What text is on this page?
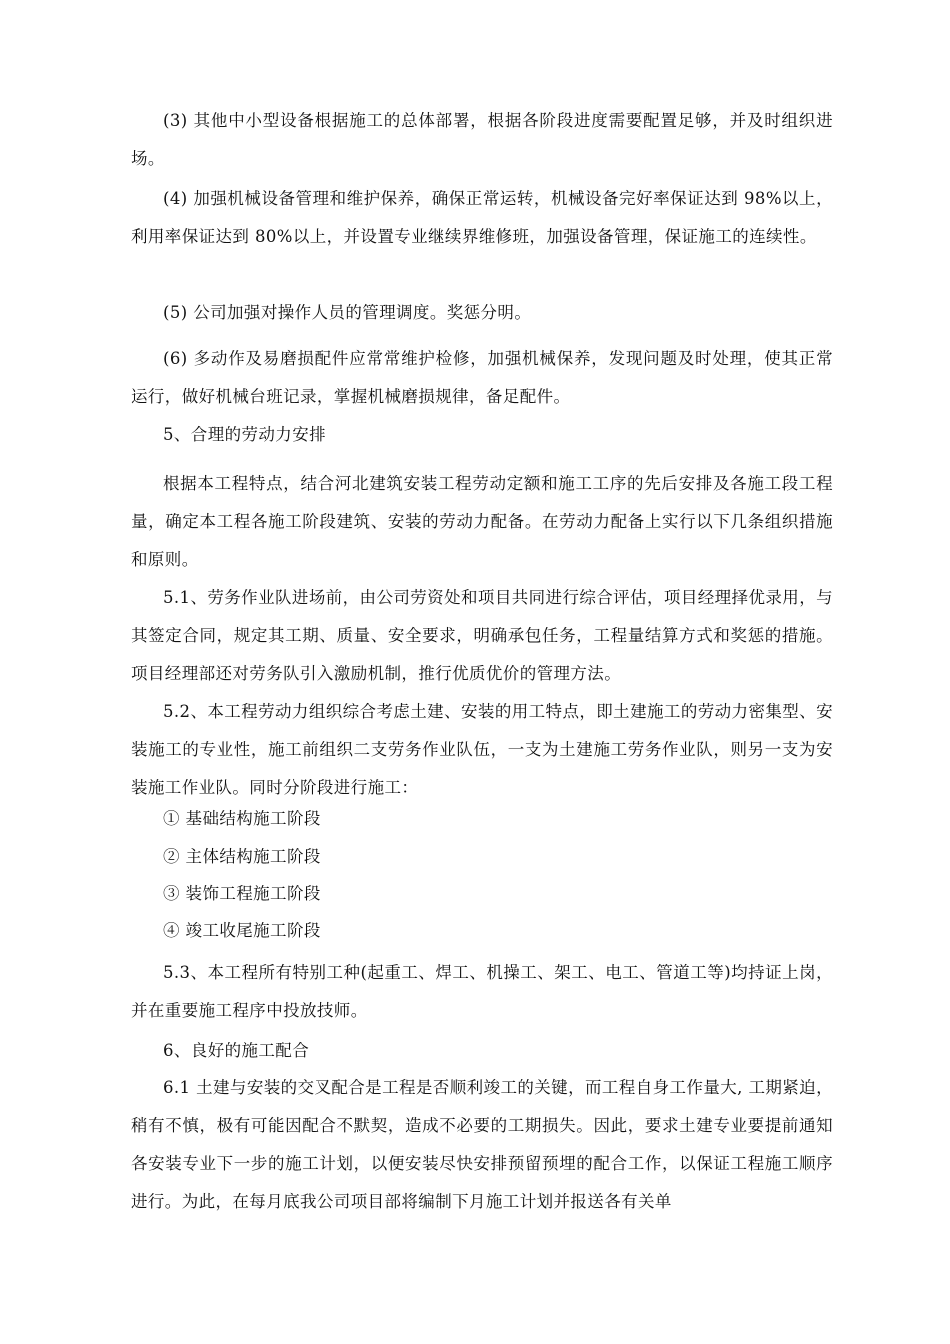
(3) 其他中小型设备根据施工的总体部署，根据各阶段进度需要配置足够，并及时组织进场。

(4) 加强机械设备管理和维护保养，确保正常运转，机械设备完好率保证达到 98%以上，利用率保证达到 80%以上，并设置专业继续界维修班，加强设备管理，保证施工的连续性。

(5) 公司加强对操作人员的管理调度。奖惩分明。

(6) 多动作及易磨损配件应常常维护检修，加强机械保养，发现问题及时处理，使其正常运行，做好机械台班记录，掌握机械磨损规律，备足配件。

5、合理的劳动力安排

根据本工程特点，结合河北建筑安装工程劳动定额和施工工序的先后安排及各施工段工程量，确定本工程各施工阶段建筑、安装的劳动力配备。在劳动力配备上实行以下几条组织措施和原则。

5.1、劳务作业队进场前，由公司劳资处和项目共同进行综合评估，项目经理择优录用，与其签定合同，规定其工期、质量、安全要求，明确承包任务，工程量结算方式和奖惩的措施。项目经理部还对劳务队引入激励机制，推行优质优价的管理方法。

5.2、本工程劳动力组织综合考虑土建、安装的用工特点，即土建施工的劳动力密集型、安装施工的专业性，施工前组织二支劳务作业队伍，一支为土建施工劳务作业队，则另一支为安装施工作业队。同时分阶段进行施工：

① 基础结构施工阶段

② 主体结构施工阶段

③ 装饰工程施工阶段

④ 竣工收尾施工阶段

5.3、本工程所有特别工种(起重工、焊工、机操工、架工、电工、管道工等)均持证上岗，并在重要施工程序中投放技师。

6、良好的施工配合

6.1 土建与安装的交叉配合是工程是否顺利竣工的关键，而工程自身工作量大, 工期紧迫，稍有不慎，极有可能因配合不默契，造成不必要的工期损失。因此，要求土建专业要提前通知各安装专业下一步的施工计划，以便安装尽快安排预留预埋的配合工作，以保证工程施工顺序进行。为此，在每月底我公司项目部将编制下月施工计划并报送各有关单
